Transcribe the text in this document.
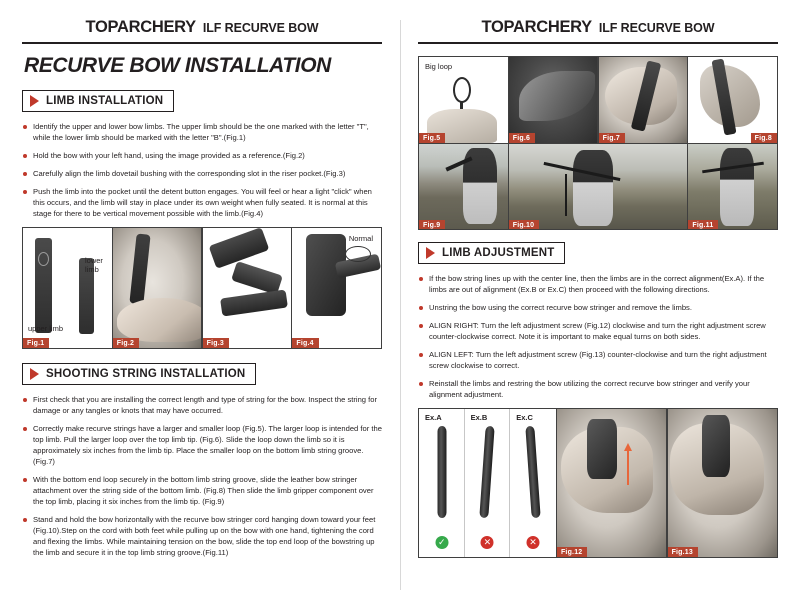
TOPARCHERY ILF RECURVE BOW
RECURVE BOW INSTALLATION
LIMB INSTALLATION
Identify the upper and lower bow limbs. The upper limb should be the one marked with the letter "T", while the lower limb should be marked with the letter "B".(Fig.1)
Hold the bow with your left hand, using the image provided as a reference.(Fig.2)
Carefully align the limb dovetail bushing with the corresponding slot in the riser pocket.(Fig.3)
Push the limb into the pocket until the detent button engages. You will feel or hear a light "click" when this occurs, and the limb will stay in place under its own weight when fully seated. It is normal at this stage for there to be vertical movement possible with the limb.(Fig.4)
lower limb
upper limb
Fig.1	Fig.2	Fig.3
Normal
Fig.4
SHOOTING STRING INSTALLATION
First check that you are installing the correct length and type of string for the bow. Inspect the string for damage or any tangles or knots that may have occurred.
Correctly make recurve strings have a larger and smaller loop (Fig.5). The larger loop is intended for the top limb. Pull the larger loop over the top limb tip. (Fig.6). Slide the loop down the limb so it is approximately six inches from the limb tip. Place the smaller loop on the bottom limb string groove. (Fig.7)
With the bottom end loop securely in the bottom limb string groove, slide the leather bow stringer attachment over the string side of the bottom limb. (Fig.8) Then slide the limb gripper component over the top limb, placing it six inches from the limb tip. (Fig.9)
Stand and hold the bow horizontally with the recurve bow stringer cord hanging down toward your feet (Fig.10).Step on the cord with both feet while pulling up on the bow with one hand, tightening the cord and flexing the limbs. While maintaining tension on the bow, slide the top end loop of the bowstring up the limb and secure it in the top limb string groove.(Fig.11)
TOPARCHERY ILF RECURVE BOW
Big loop
Fig.5	Fig.6	Fig.7	Fig.8
Fig.9	Fig.10	Fig.11
LIMB ADJUSTMENT
If the bow string lines up with the center line, then the limbs are in the correct alignment(Ex.A). If the limbs are out of alignment (Ex.B or Ex.C) then proceed with the following directions.
Unstring the bow using the correct recurve bow stringer and remove the limbs.
ALIGN RIGHT: Turn the left adjustment screw (Fig.12) clockwise and turn the right adjustment screw counter-clockwise correct. Note it is important to make equal turns on both sides.
ALIGN LEFT: Turn the left adjustment screw (Fig.13) counter-clockwise and turn the right adjustment screw clockwise to correct.
Reinstall the limbs and restring the bow utilizing the correct recurve bow stringer and verify your alignment adjustment.
Ex.A
✓
Ex.B
✕
Ex.C
✕
Fig.12	Fig.13
